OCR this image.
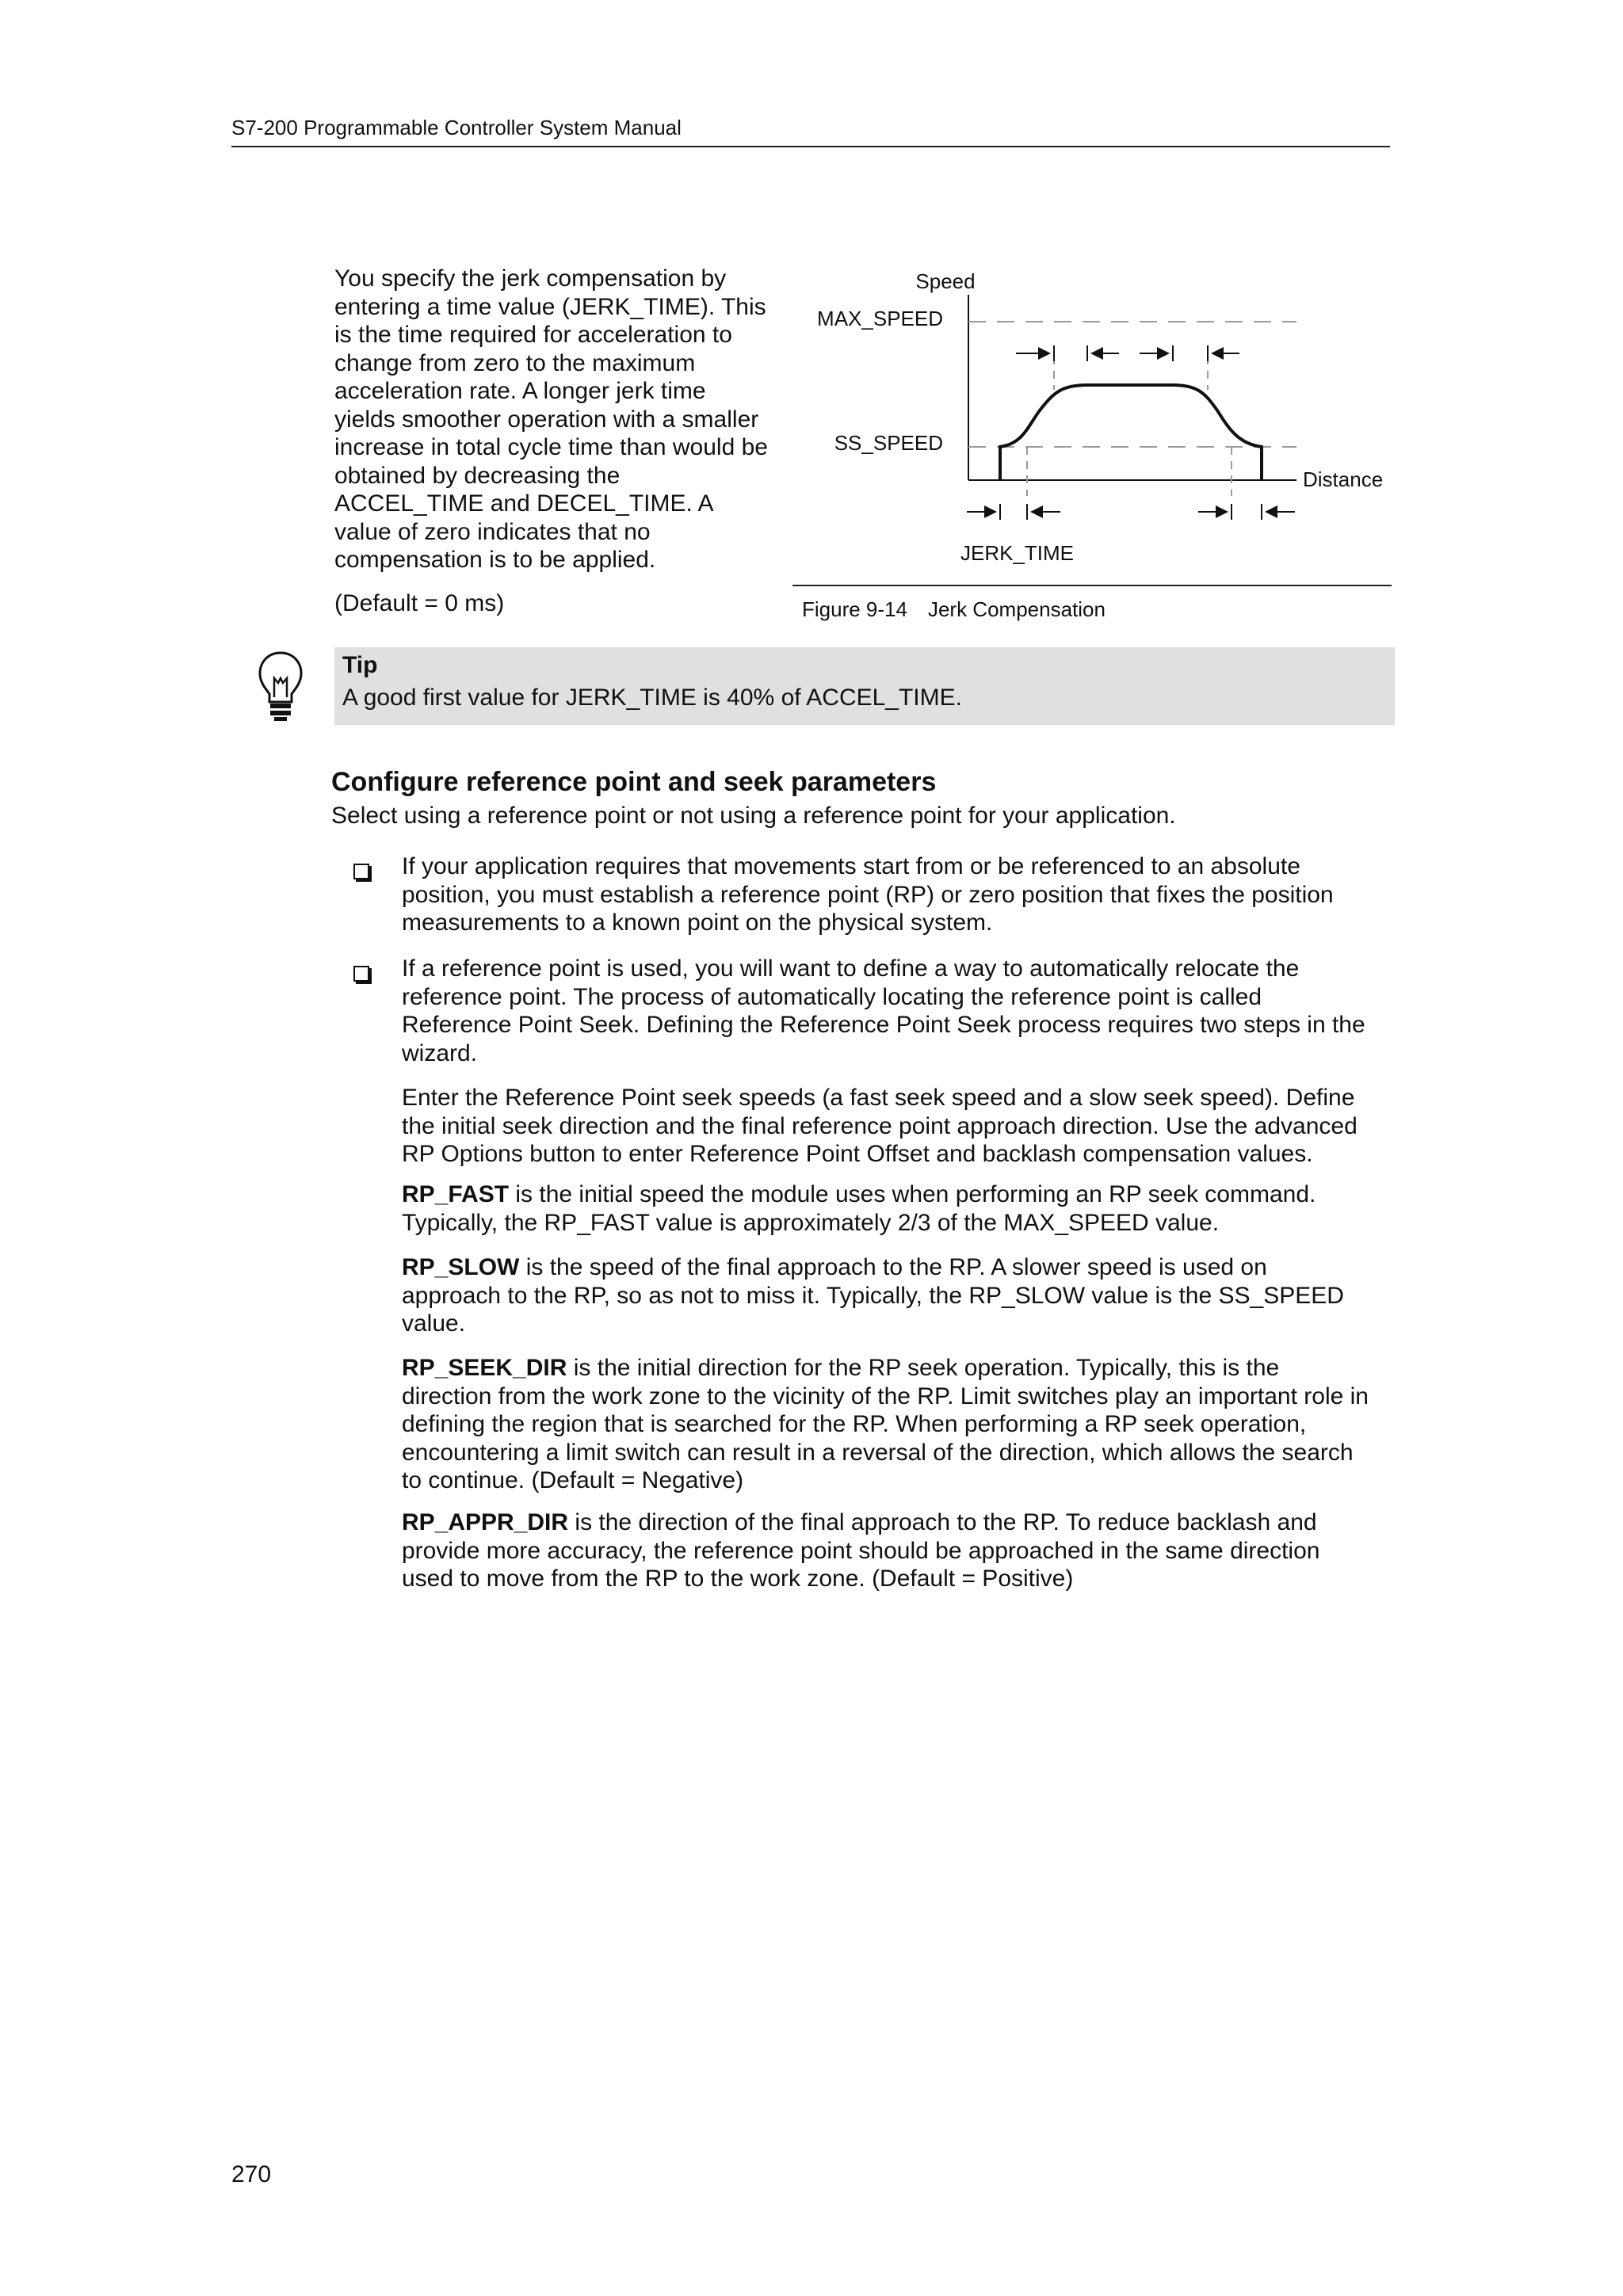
S7-200 Programmable Controller System Manual
You specify the jerk compensation by
entering a time value (JERK_TIME). This
is the time required for acceleration to
change from zero to the maximum
acceleration rate. A longer jerk time
yields smoother operation with a smaller
increase in total cycle time than would be
obtained by decreasing the
ACCEL_TIME and DECEL_TIME. A
value of zero indicates that no
compensation is to be applied.
(Default = 0 ms)
Speed
MAX_SPEED
SS_SPEED
Distance
JERK_TIME
Figure 9-14 Jerk Compensation
Tip
A good first value for JERK_TIME is 40% of ACCEL_TIME.
Configure reference point and seek parameters
Select using a reference point or not using a reference point for your application.
If your application requires that movements start from or be referenced to an absolute
position, you must establish a reference point (RP) or zero position that fixes the position
measurements to a known point on the physical system.
If a reference point is used, you will want to define a way to automatically relocate the
reference point. The process of automatically locating the reference point is called
Reference Point Seek. Defining the Reference Point Seek process requires two steps in the
wizard.
Enter the Reference Point seek speeds (a fast seek speed and a slow seek speed). Define
the initial seek direction and the final reference point approach direction. Use the advanced
RP Options button to enter Reference Point Offset and backlash compensation values.
RP_FAST is the initial speed the module uses when performing an RP seek command.
Typically, the RP_FAST value is approximately 2/3 of the MAX_SPEED value.
RP_SLOW is the speed of the final approach to the RP. A slower speed is used on
approach to the RP, so as not to miss it. Typically, the RP_SLOW value is the SS_SPEED
value.
RP_SEEK_DIR is the initial direction for the RP seek operation. Typically, this is the
direction from the work zone to the vicinity of the RP. Limit switches play an important role in
defining the region that is searched for the RP. When performing a RP seek operation,
encountering a limit switch can result in a reversal of the direction, which allows the search
to continue. (Default = Negative)
RP_APPR_DIR is the direction of the final approach to the RP. To reduce backlash and
provide more accuracy, the reference point should be approached in the same direction
used to move from the RP to the work zone. (Default = Positive)
270
